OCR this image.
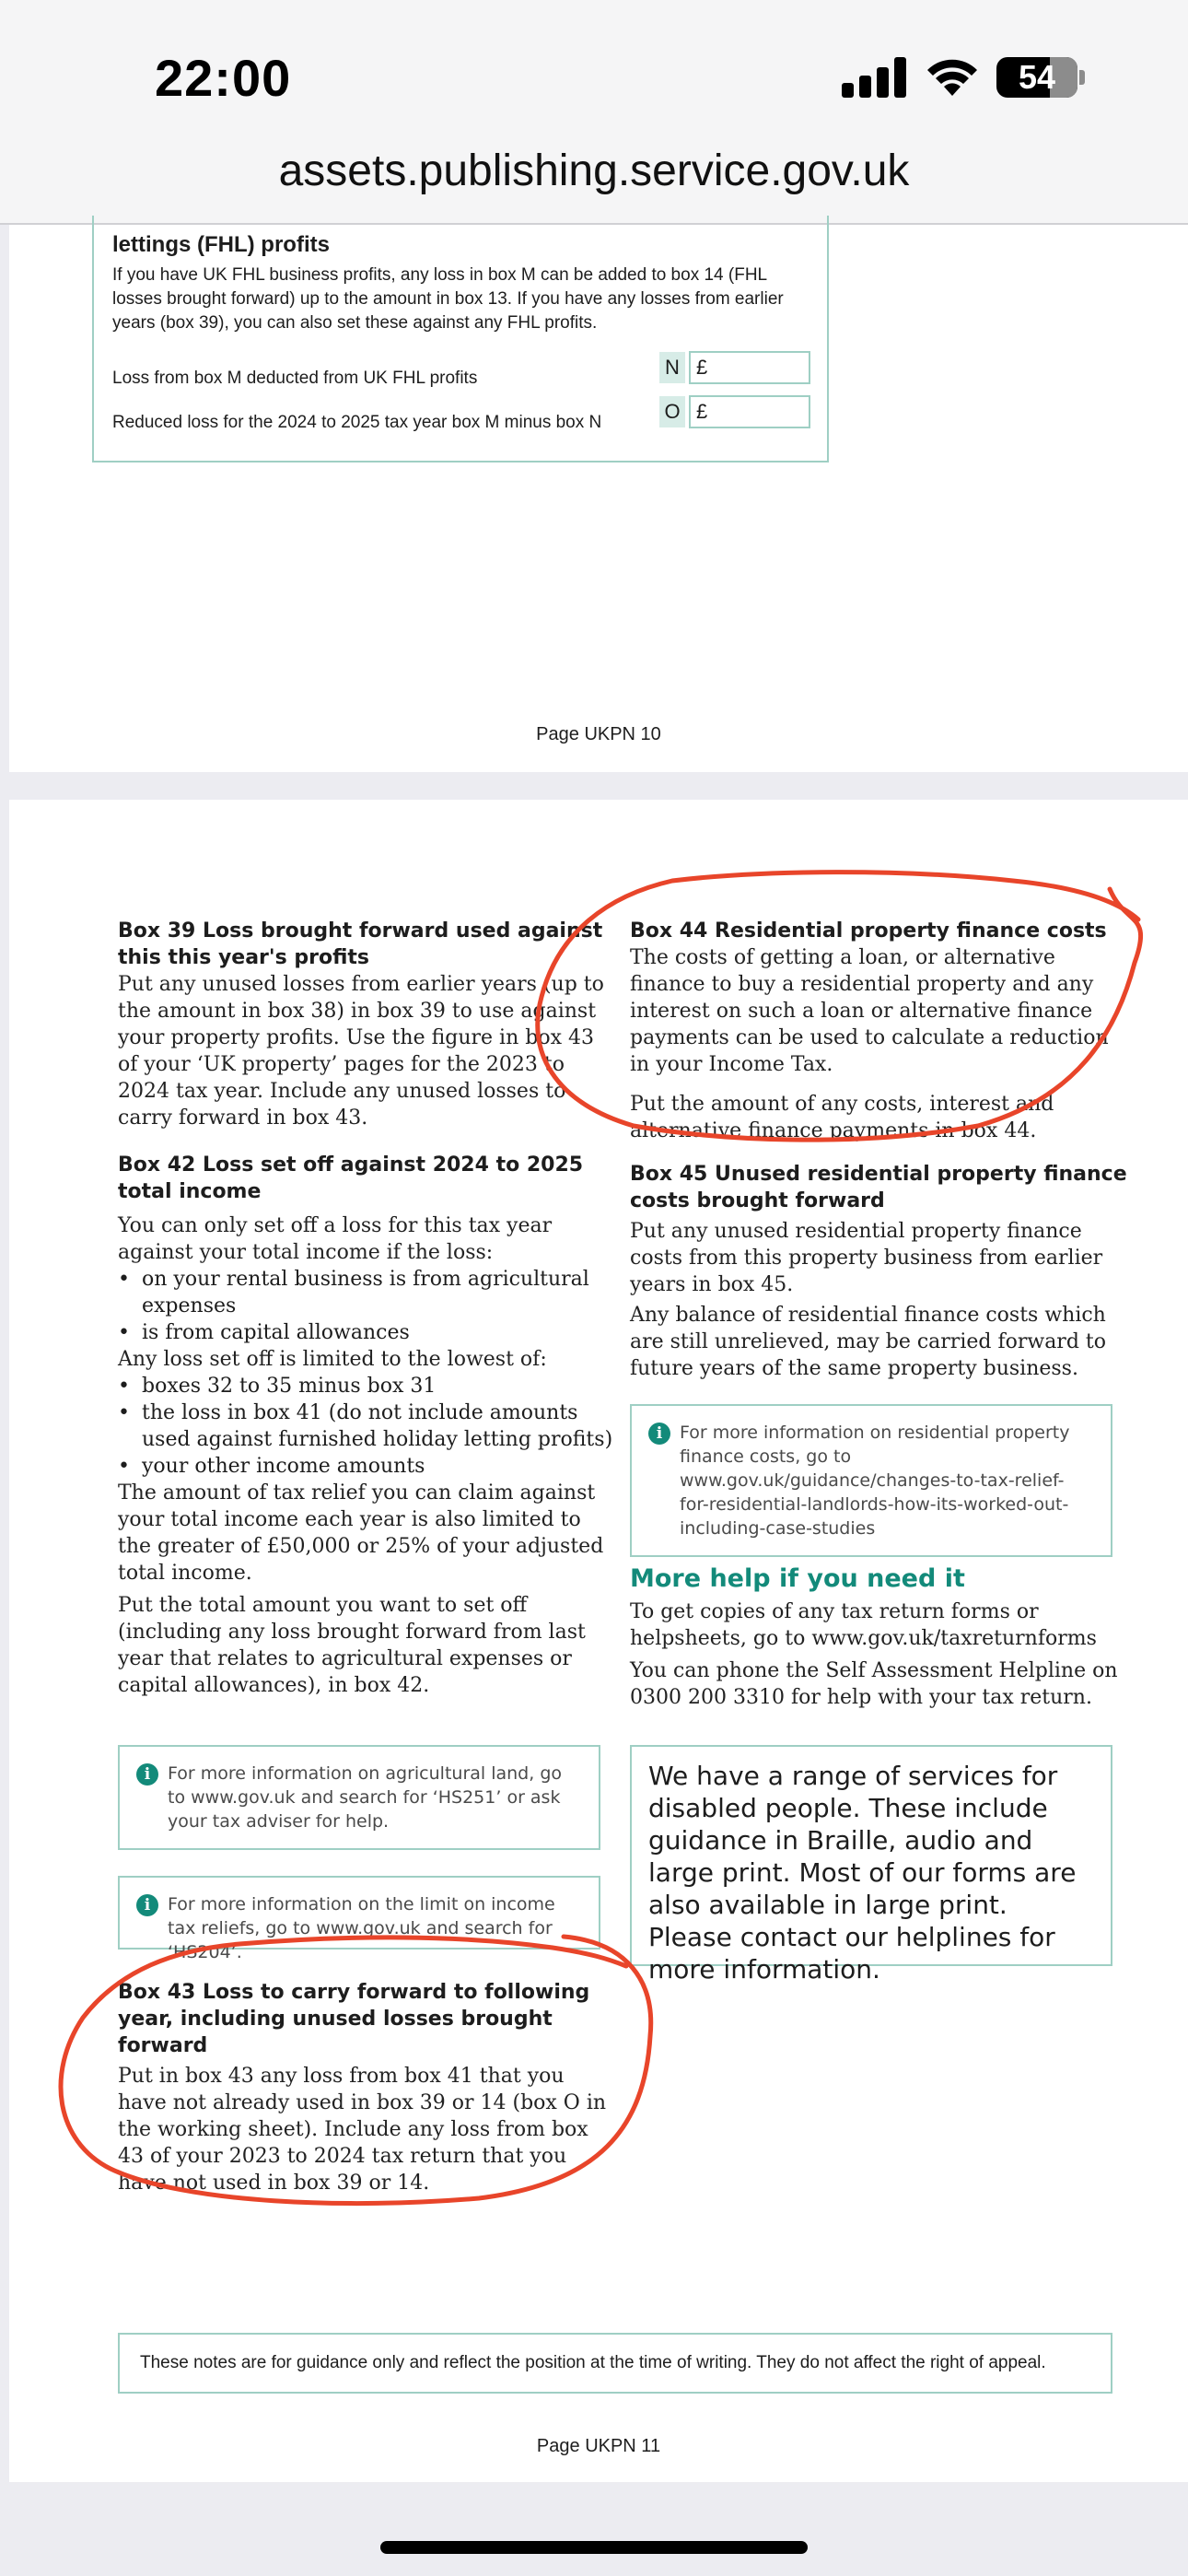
22:00	54
assets.publishing.service.gov.uk
lettings (FHL) profits
If you have UK FHL business profits, any loss in box M can be added to box 14 (FHL losses brought forward) up to the amount in box 13. If you have any losses from earlier years (box 39), you can also set these against any FHL profits.
Loss from box M deducted from UK FHL profits	N £
Reduced loss for the 2024 to 2025 tax year box M minus box N	O £
Page UKPN 10
Box 39 Loss brought forward used against this this year's profits
Put any unused losses from earlier years (up to the amount in box 38) in box 39 to use against your property profits. Use the figure in box 43 of your ‘UK property’ pages for the 2023 to 2024 tax year. Include any unused losses to carry forward in box 43.
Box 42 Loss set off against 2024 to 2025 total income
You can only set off a loss for this tax year against your total income if the loss:
• on your rental business is from agricultural expenses
• is from capital allowances
Any loss set off is limited to the lowest of:
• boxes 32 to 35 minus box 31
• the loss in box 41 (do not include amounts used against furnished holiday letting profits)
• your other income amounts
The amount of tax relief you can claim against your total income each year is also limited to the greater of £50,000 or 25% of your adjusted total income.
Put the total amount you want to set off (including any loss brought forward from last year that relates to agricultural expenses or capital allowances), in box 42.
i For more information on agricultural land, go to www.gov.uk and search for ‘HS251’ or ask your tax adviser for help.
i For more information on the limit on income tax reliefs, go to www.gov.uk and search for ‘HS204’.
Box 43 Loss to carry forward to following year, including unused losses brought forward
Put in box 43 any loss from box 41 that you have not already used in box 39 or 14 (box O in the working sheet). Include any loss from box 43 of your 2023 to 2024 tax return that you have not used in box 39 or 14.
Box 44 Residential property finance costs
The costs of getting a loan, or alternative finance to buy a residential property and any interest on such a loan or alternative finance payments can be used to calculate a reduction in your Income Tax.
Put the amount of any costs, interest and alternative finance payments in box 44.
Box 45 Unused residential property finance costs brought forward
Put any unused residential property finance costs from this property business from earlier years in box 45.
Any balance of residential finance costs which are still unrelieved, may be carried forward to future years of the same property business.
i For more information on residential property finance costs, go to www.gov.uk/guidance/changes-to-tax-relief-for-residential-landlords-how-its-worked-out-including-case-studies
More help if you need it
To get copies of any tax return forms or helpsheets, go to www.gov.uk/taxreturnforms
You can phone the Self Assessment Helpline on 0300 200 3310 for help with your tax return.
We have a range of services for disabled people. These include guidance in Braille, audio and large print. Most of our forms are also available in large print. Please contact our helplines for more information.
These notes are for guidance only and reflect the position at the time of writing. They do not affect the right of appeal.
Page UKPN 11
